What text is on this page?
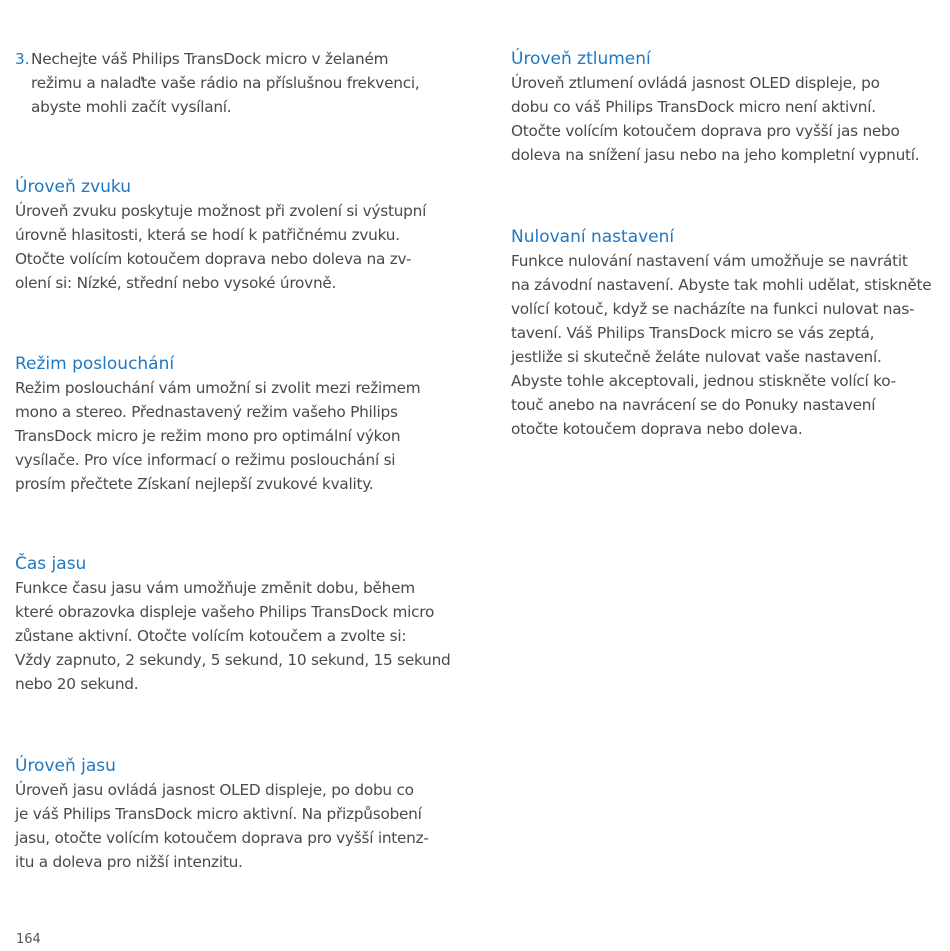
3. Nechejte váš Philips TransDock micro v želaném
režimu a nalaďte vaše rádio na příslušnou frekvenci,
abyste mohli začít vysílaní.

Úroveň zvuku

Úroveň zvuku poskytuje možnost při zvolení si výstupní
úrovně hlasitosti, která se hodí k patřičnému zvuku.
Otočte volícím kotoučem doprava nebo doleva na zv-
olení si: Nízké, střední nebo vysoké úrovně.

Režim poslouchání

Režim poslouchání vám umožní si zvolit mezi režimem
mono a stereo. Přednastavený režim vašeho Philips
TransDock micro je režim mono pro optimální výkon
vysílače. Pro více informací o režimu poslouchání si
prosím přečtete Získaní nejlepší zvukové kvality.

Čas jasu

Funkce času jasu vám umožňuje změnit dobu, během
které obrazovka displeje vašeho Philips TransDock micro
zůstane aktivní. Otočte volícím kotoučem a zvolte si:
Vždy zapnuto, 2 sekundy, 5 sekund, 10 sekund, 15 sekund
nebo 20 sekund.

Úroveň jasu

Úroveň jasu ovládá jasnost OLED displeje, po dobu co
je váš Philips TransDock micro aktivní. Na přizpůsobení
jasu, otočte volícím kotoučem doprava pro vyšší intenz-
itu a doleva pro nižší intenzitu.

Úroveň ztlumení

Úroveň ztlumení ovládá jasnost OLED displeje, po
dobu co váš Philips TransDock micro není aktivní.
Otočte volícím kotoučem doprava pro vyšší jas nebo
doleva na snížení jasu nebo na jeho kompletní vypnutí.

Nulovaní nastavení

Funkce nulování nastavení vám umožňuje se navrátit
na závodní nastavení. Abyste tak mohli udělat, stiskněte
volící kotouč, když se nacházíte na funkci nulovat nas-
tavení. Váš Philips TransDock micro se vás zeptá,
jestliže si skutečně želáte nulovat vaše nastavení.
Abyste tohle akceptovali, jednou stiskněte volící ko-
touč anebo na navrácení se do Ponuky nastavení
otočte kotoučem doprava nebo doleva.

164
